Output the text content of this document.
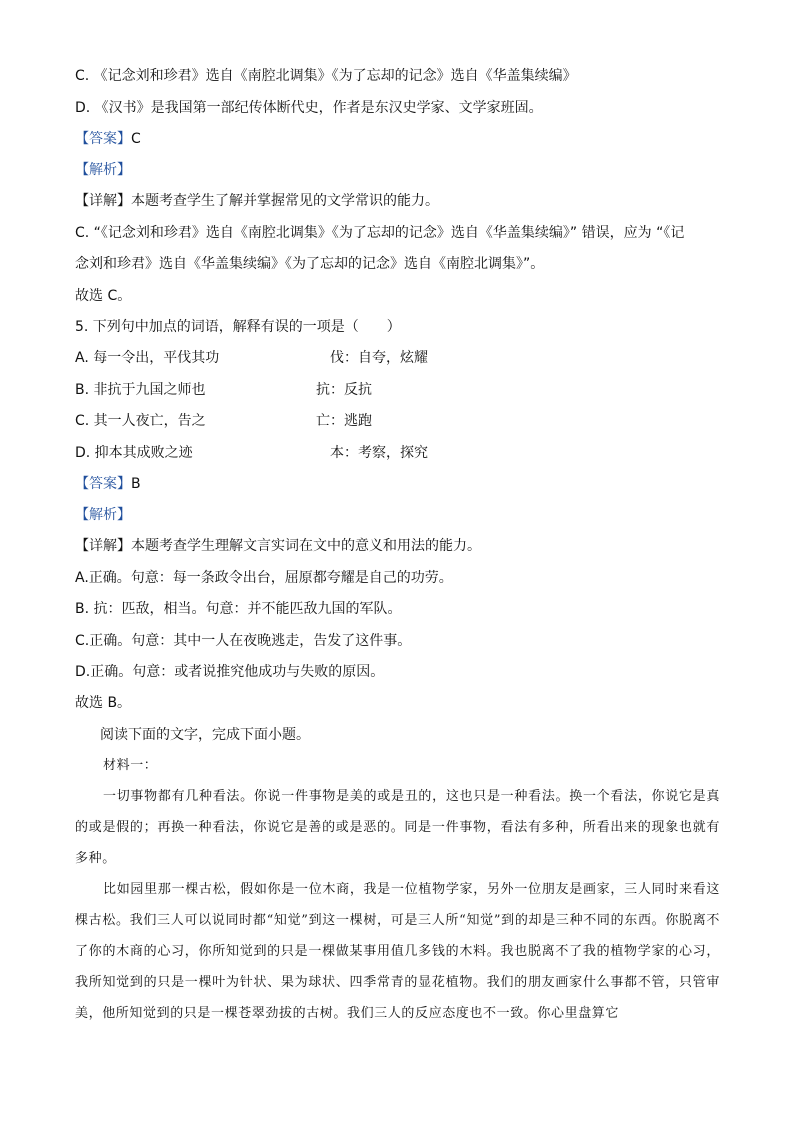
C. 《记念刘和珍君》选自《南腔北调集》《为了忘却的记念》选自《华盖集续编》
D. 《汉书》是我国第一部纪传体断代史，作者是东汉史学家、文学家班固。
【答案】C
【解析】
【详解】本题考查学生了解并掌握常见的文学常识的能力。
C. “《记念刘和珍君》选自《南腔北调集》《为了忘却的记念》选自《华盖集续编》” 错误，应为 “《记
念刘和珍君》选自《华盖集续编》《为了忘却的记念》选自《南腔北调集》”。
故选 C。
5. 下列句中加点的词语，解释有误的一项是（　　）
A. 每一令出，平伐其功	伐：自夸，炫耀
B. 非抗于九国之师也	抗：反抗
C. 其一人夜亡，告之	亡：逃跑
D. 抑本其成败之迹	本：考察，探究
【答案】B
【解析】
【详解】本题考查学生理解文言实词在文中的意义和用法的能力。
A.正确。句意：每一条政令出台，屈原都夸耀是自己的功劳。
B. 抗：匹敌，相当。句意：并不能匹敌九国的军队。
C.正确。句意：其中一人在夜晚逃走，告发了这件事。
D.正确。句意：或者说推究他成功与失败的原因。
故选 B。
阅读下面的文字，完成下面小题。
材料一：
一切事物都有几种看法。你说一件事物是美的或是丑的，这也只是一种看法。换一个看法，你说它是真的或是假的；再换一种看法，你说它是善的或是恶的。同是一件事物，看法有多种，所看出来的现象也就有多种。
比如园里那一棵古松，假如你是一位木商，我是一位植物学家，另外一位朋友是画家，三人同时来看这棵古松。我们三人可以说同时都“知觉”到这一棵树，可是三人所“知觉”到的却是三种不同的东西。你脱离不了你的木商的心习，你所知觉到的只是一棵做某事用值几多钱的木料。我也脱离不了我的植物学家的心习，我所知觉到的只是一棵叶为针状、果为球状、四季常青的显花植物。我们的朋友画家什么事都不管，只管审美，他所知觉到的只是一棵苍翠劲拔的古树。我们三人的反应态度也不一致。你心里盘算它
